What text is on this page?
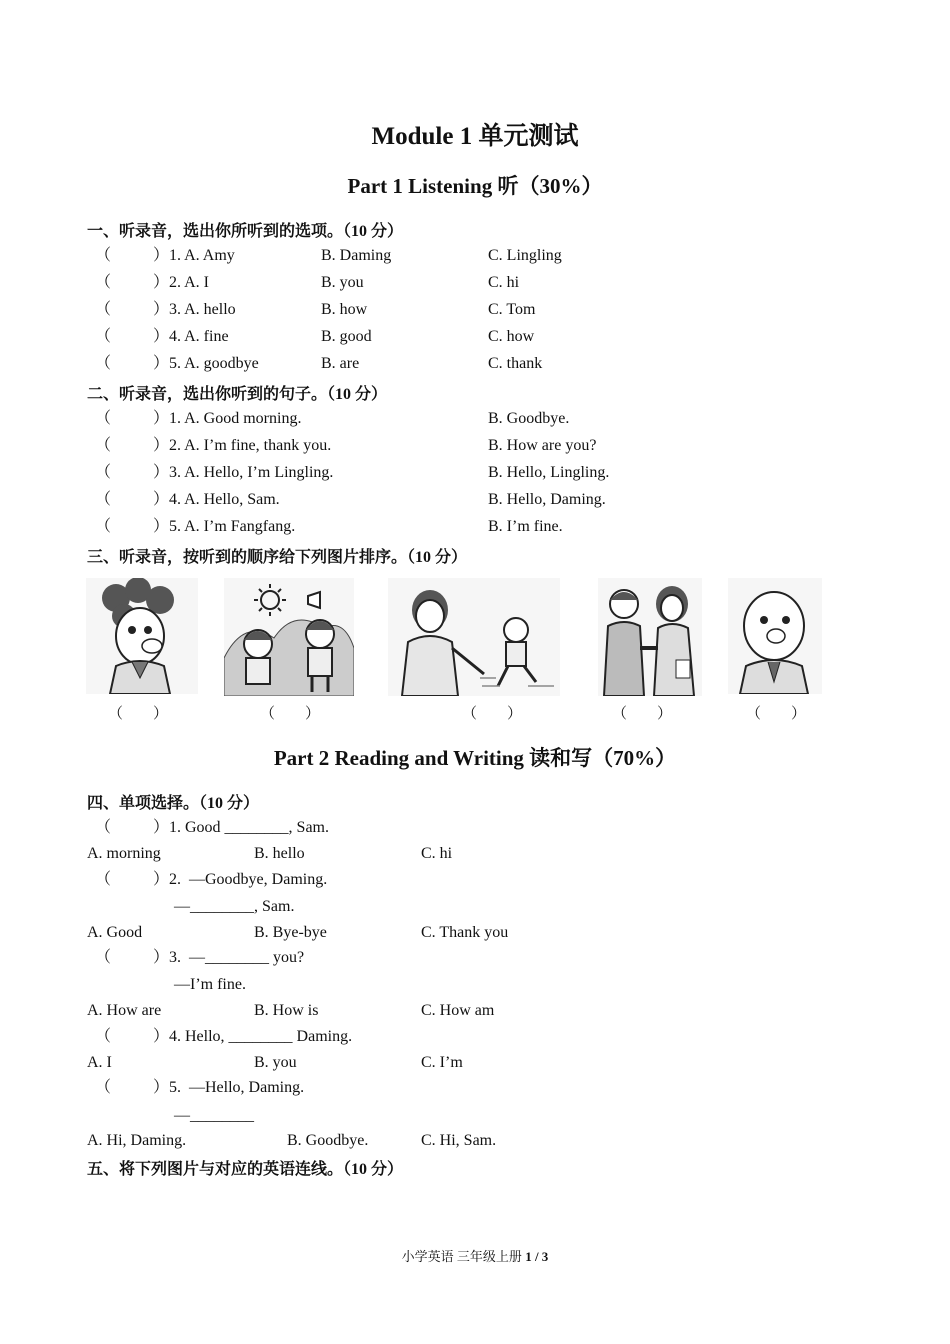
Module 1 单元测试
Part 1 Listening 听（30%）
一、听录音，选出你所听到的选项。（10 分）
（	）1. A. Amy	B. Daming	C. Lingling
（	）2. A. I	B. you	C. hi
（	）3. A. hello	B. how	C. Tom
（	）4. A. fine	B. good	C. how
（	）5. A. goodbye	B. are	C. thank
二、听录音，选出你听到的句子。（10 分）
（	）1. A. Good morning.	B. Goodbye.
（	）2. A. I’m fine, thank you.	B. How are you?
（	）3. A. Hello, I’m Lingling.	B. Hello, Lingling.
（	）4. A. Hello, Sam.	B. Hello, Daming.
（	）5. A. I’m Fangfang.	B. I’m fine.
三、听录音，按听到的顺序给下列图片排序。（10 分）
（        ）	（        ）	（        ）	（        ）	（        ）
Part 2 Reading and Writing 读和写（70%）
四、单项选择。（10 分）
（	）1. Good ________, Sam.
A. morning	B. hello	C. hi
（	）2.  —Goodbye, Daming.
—________, Sam.
A. Good	B. Bye-bye	C. Thank you
（	）3.  —________ you?
—I’m fine.
A. How are	B. How is	C. How am
（	）4. Hello, ________ Daming.
A. I	B. you	C. I’m
（	）5.  —Hello, Daming.
—________
A. Hi, Daming.	B. Goodbye.	C. Hi, Sam.
五、将下列图片与对应的英语连线。（10 分）
小学英语 三年级上册 1 / 3
